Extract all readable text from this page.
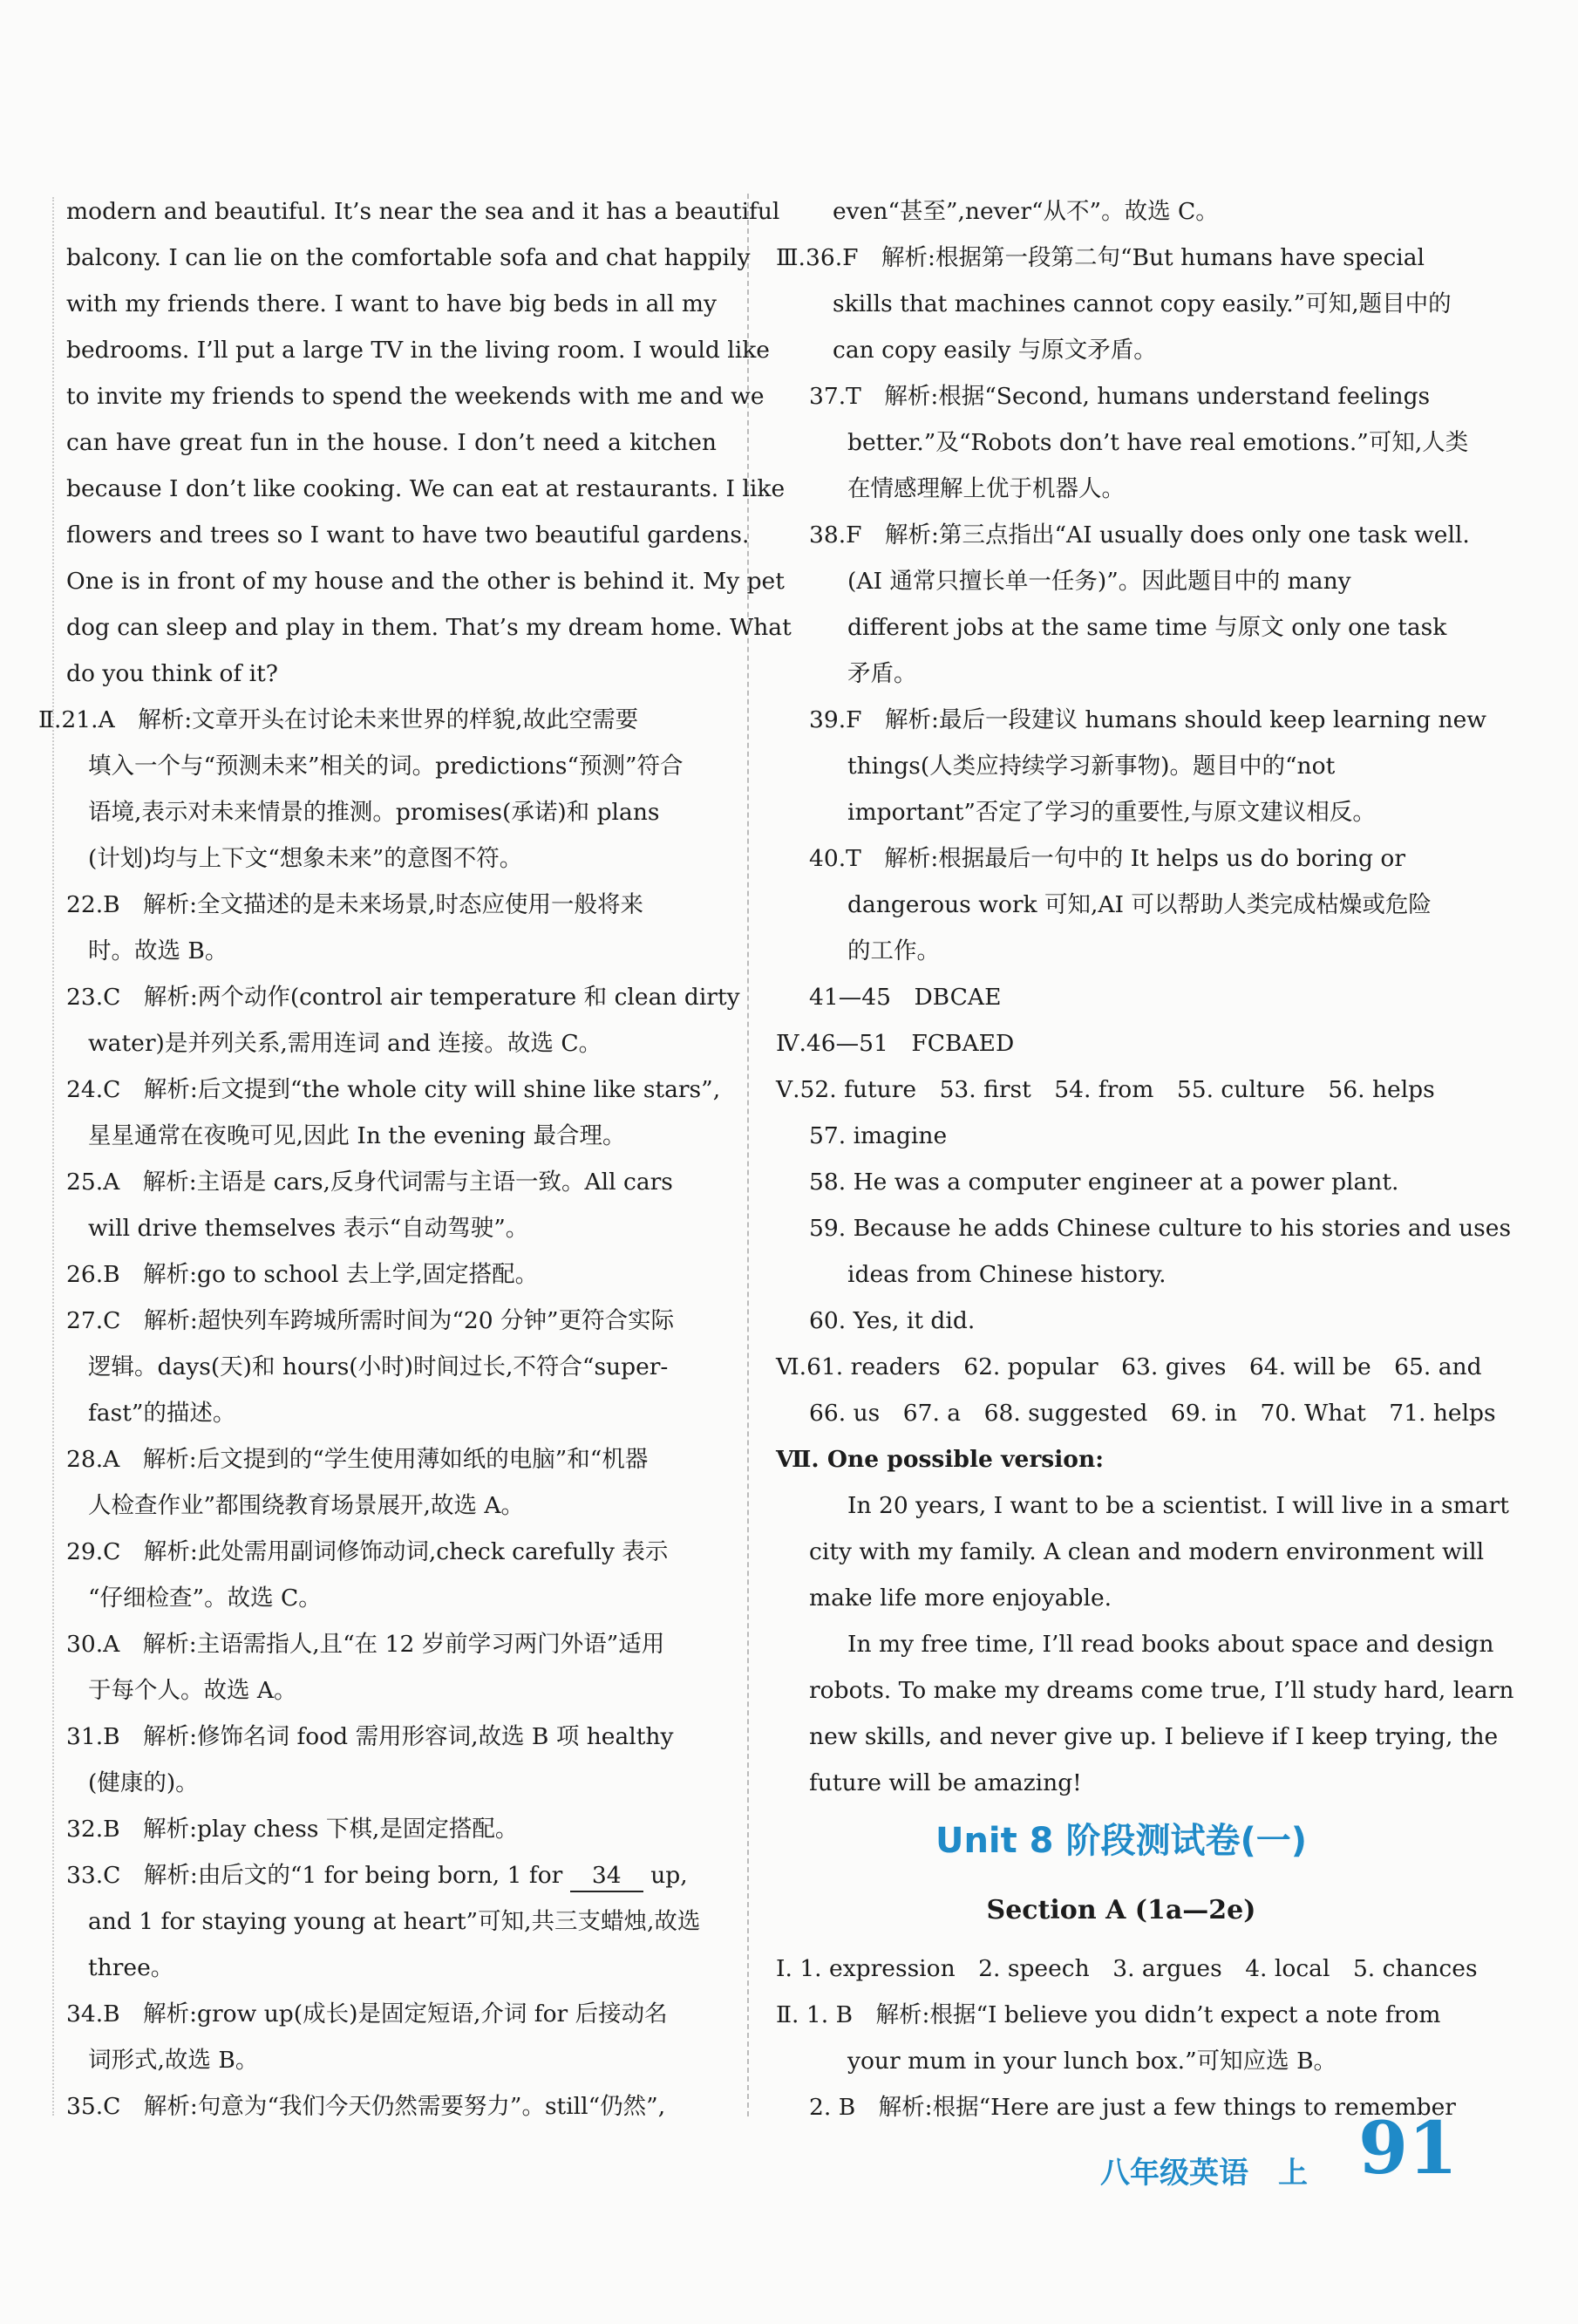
modern and beautiful. It’s near the sea and it has a beautiful
balcony. I can lie on the comfortable sofa and chat happily
with my friends there. I want to have big beds in all my
bedrooms. I’ll put a large TV in the living room. I would like
to invite my friends to spend the weekends with me and we
can have great fun in the house. I don’t need a kitchen
because I don’t like cooking. We can eat at restaurants. I like
flowers and trees so I want to have two beautiful gardens.
One is in front of my house and the other is behind it. My pet
dog can sleep and play in them. That’s my dream home. What
do you think of it?
Ⅱ.21.A　解析:文章开头在讨论未来世界的样貌,故此空需要
填入一个与“预测未来”相关的词。predictions“预测”符合
语境,表示对未来情景的推测。promises(承诺)和 plans
(计划)均与上下文“想象未来”的意图不符。
22.B　解析:全文描述的是未来场景,时态应使用一般将来
时。故选 B。
23.C　解析:两个动作(control air temperature 和 clean dirty
water)是并列关系,需用连词 and 连接。故选 C。
24.C　解析:后文提到“the whole city will shine like stars”,
星星通常在夜晚可见,因此 In the evening 最合理。
25.A　解析:主语是 cars,反身代词需与主语一致。All cars
will drive themselves 表示“自动驾驶”。
26.B　解析:go to school 去上学,固定搭配。
27.C　解析:超快列车跨城所需时间为“20 分钟”更符合实际
逻辑。days(天)和 hours(小时)时间过长,不符合“super-
fast”的描述。
28.A　解析:后文提到的“学生使用薄如纸的电脑”和“机器
人检查作业”都围绕教育场景展开,故选 A。
29.C　解析:此处需用副词修饰动词,check carefully 表示
“仔细检查”。故选 C。
30.A　解析:主语需指人,且“在 12 岁前学习两门外语”适用
于每个人。故选 A。
31.B　解析:修饰名词 food 需用形容词,故选 B 项 healthy
(健康的)。
32.B　解析:play chess 下棋,是固定搭配。
33.C　解析:由后文的“1 for being born, 1 for 34 up,
and 1 for staying young at heart”可知,共三支蜡烛,故选
three。
34.B　解析:grow up(成长)是固定短语,介词 for 后接动名
词形式,故选 B。
35.C　解析:句意为“我们今天仍然需要努力”。still“仍然”,
even“甚至”,never“从不”。故选 C。
Ⅲ.36.F　解析:根据第一段第二句“But humans have special
skills that machines cannot copy easily.”可知,题目中的
can copy easily 与原文矛盾。
37.T　解析:根据“Second, humans understand feelings
better.”及“Robots don’t have real emotions.”可知,人类
在情感理解上优于机器人。
38.F　解析:第三点指出“AI usually does only one task well.
(AI 通常只擅长单一任务)”。因此题目中的 many
different jobs at the same time 与原文 only one task
矛盾。
39.F　解析:最后一段建议 humans should keep learning new
things(人类应持续学习新事物)。题目中的“not
important”否定了学习的重要性,与原文建议相反。
40.T　解析:根据最后一句中的 It helps us do boring or
dangerous work 可知,AI 可以帮助人类完成枯燥或危险
的工作。
41—45　DBCAE
Ⅳ.46—51　FCBAED
Ⅴ.52. future　53. first　54. from　55. culture　56. helps
57. imagine
58. He was a computer engineer at a power plant.
59. Because he adds Chinese culture to his stories and uses
ideas from Chinese history.
60. Yes, it did.
Ⅵ.61. readers　62. popular　63. gives　64. will be　65. and
66. us　67. a　68. suggested　69. in　70. What　71. helps
Ⅶ. One possible version:
In 20 years, I want to be a scientist. I will live in a smart
city with my family. A clean and modern environment will
make life more enjoyable.
In my free time, I’ll read books about space and design
robots. To make my dreams come true, I’ll study hard, learn
new skills, and never give up. I believe if I keep trying, the
future will be amazing!
Unit 8 阶段测试卷(一)
Section A (1a—2e)
Ⅰ. 1. expression　2. speech　3. argues　4. local　5. chances
Ⅱ. 1. B　解析:根据“I believe you didn’t expect a note from
your mum in your lunch box.”可知应选 B。
2. B　解析:根据“Here are just a few things to remember
八年级英语　上 91
